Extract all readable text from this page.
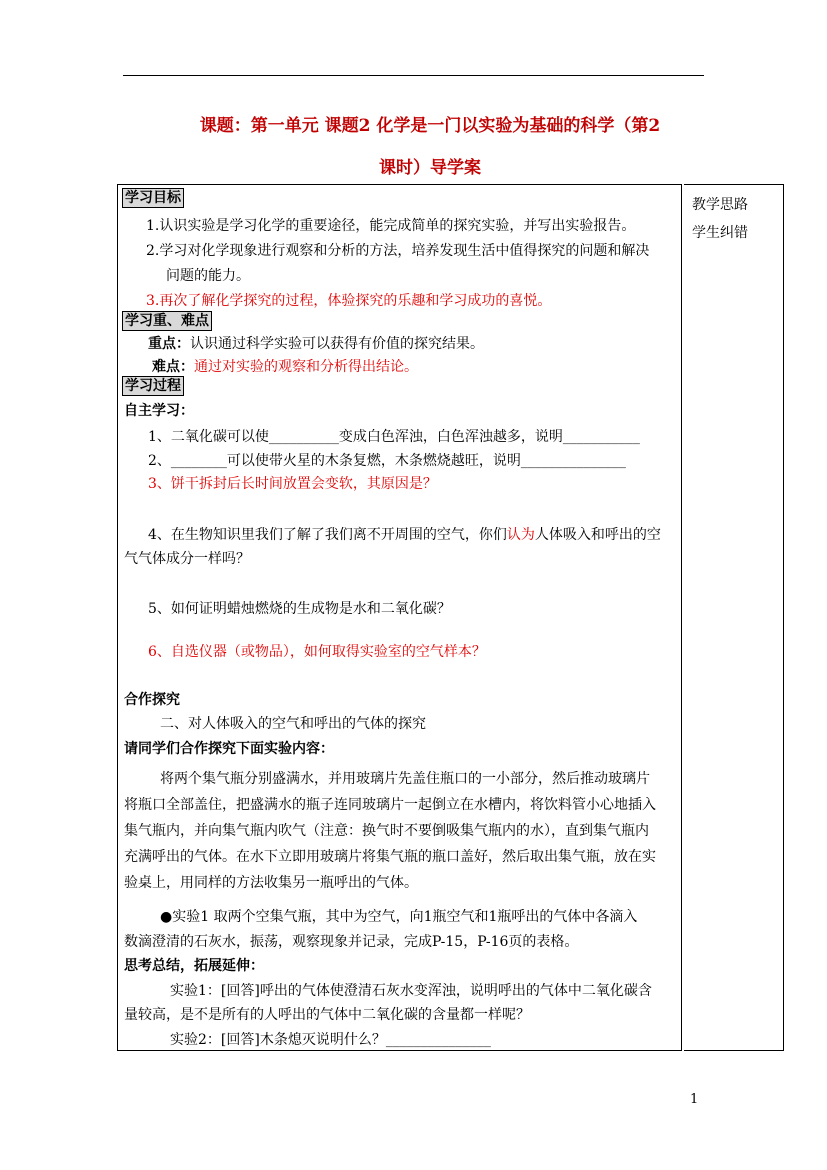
课题：第一单元 课题2 化学是一门以实验为基础的科学（第2
课时）导学案
教学思路
学生纠错
学习目标
1.认识实验是学习化学的重要途径，能完成简单的探究实验，并写出实验报告。
2.学习对化学现象进行观察和分析的方法，培养发现生活中值得探究的问题和解决
问题的能力。
3.再次了解化学探究的过程，体验探究的乐趣和学习成功的喜悦。
学习重、难点
重点：认识通过科学实验可以获得有价值的探究结果。
难点：通过对实验的观察和分析得出结论。
学习过程
自主学习：
1、二氧化碳可以使__________变成白色浑浊，白色浑浊越多，说明___________
2、________可以使带火星的木条复燃，木条燃烧越旺，说明_______________
3、饼干拆封后长时间放置会变软，其原因是？
4、在生物知识里我们了解了我们离不开周围的空气，你们认为人体吸入和呼出的空
气气体成分一样吗？
5、如何证明蜡烛燃烧的生成物是水和二氧化碳？
6、自选仪器（或物品），如何取得实验室的空气样本？
合作探究
二、对人体吸入的空气和呼出的气体的探究
请同学们合作探究下面实验内容：
将两个集气瓶分别盛满水，并用玻璃片先盖住瓶口的一小部分，然后推动玻璃片
将瓶口全部盖住，把盛满水的瓶子连同玻璃片一起倒立在水槽内，将饮料管小心地插入
集气瓶内，并向集气瓶内吹气（注意：换气时不要倒吸集气瓶内的水），直到集气瓶内
充满呼出的气体。在水下立即用玻璃片将集气瓶的瓶口盖好，然后取出集气瓶，放在实
验桌上，用同样的方法收集另一瓶呼出的气体。
●实验1 取两个空集气瓶，其中为空气，向1瓶空气和1瓶呼出的气体中各滴入
数滴澄清的石灰水，振荡，观察现象并记录，完成P-15，P-16页的表格。
思考总结，拓展延伸：
实验1：[回答]呼出的气体使澄清石灰水变浑浊，说明呼出的气体中二氧化碳含
量较高，是不是所有的人呼出的气体中二氧化碳的含量都一样呢？
实验2：[回答]木条熄灭说明什么？_______________
1
